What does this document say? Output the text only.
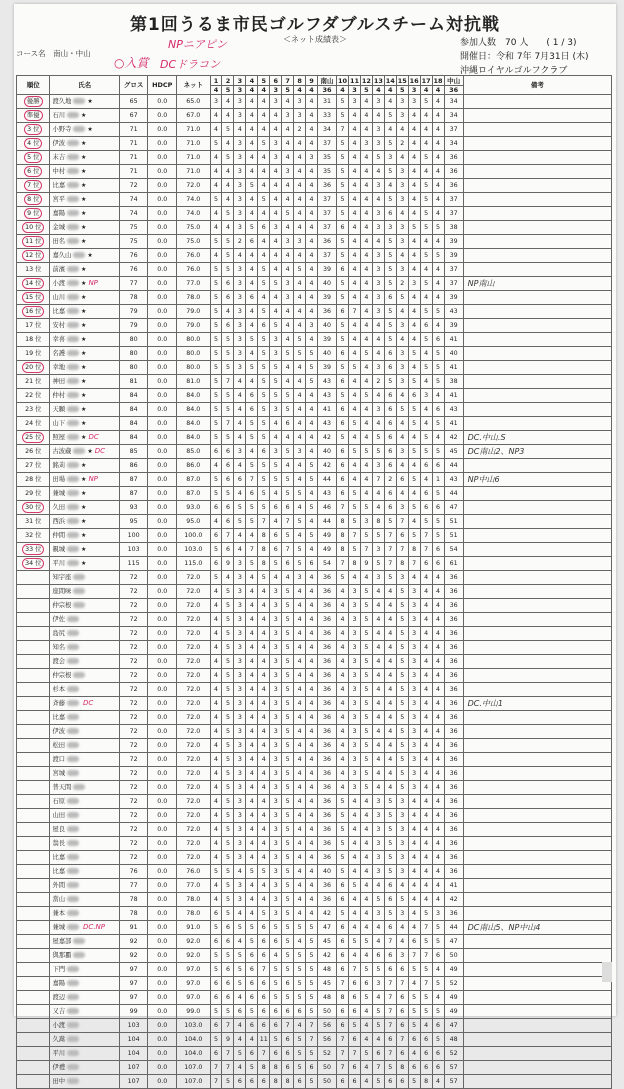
第1回うるま市民ゴルフダブルスチーム対抗戦
＜ネット成績表＞
コース名　南山・中山
参加人数　 70 人　　 ( 1 / 3)
開催日：令和 7年 7月31日 (木)
沖縄ロイヤルゴルフクラブ
NPニアピン
○入賞 DCドラコン
順位	氏名	グロス	HDCP	ネット	1	2	3	4	5	6	7	8	9	南山	10	11	12	13	14	15	16	17	18	中山	備考
					4	5	3	4	4	3	5	4	4	36	4	3	5	4	4	5	3	4	4	36	
優勝	渡久地 ★	65	0.0	65.0	3	4	3	4	4	3	4	3	4	31	5	3	4	3	4	3	3	5	4	34	
準優	石川 ★	67	0.0	67.0	4	4	3	4	4	4	3	3	4	33	5	4	4	4	5	3	4	4	4	34	
3 位	小野寺 ★	71	0.0	71.0	4	5	4	4	4	4	4	2	4	34	7	4	4	3	4	4	4	4	4	37	
4 位	伊波 ★	71	0.0	71.0	5	4	3	4	5	3	4	4	4	37	5	4	3	3	5	2	4	4	4	34	
5 位	末吉 ★	71	0.0	71.0	4	5	3	4	4	3	4	4	3	35	5	4	4	5	3	4	4	5	4	36	
6 位	中村 ★	71	0.0	71.0	4	4	3	4	4	4	3	4	4	35	5	4	4	4	5	3	4	4	4	36	
7 位	比嘉 ★	72	0.0	72.0	4	4	3	5	4	4	4	4	4	36	5	4	4	3	4	3	4	5	4	36	
8 位	宮平 ★	74	0.0	74.0	5	4	3	4	5	4	4	4	4	37	5	4	4	4	5	3	4	5	4	37	
9 位	嘉陽 ★	74	0.0	74.0	4	5	3	4	4	4	5	4	4	37	5	4	4	3	6	4	4	5	4	37	
10 位	金城 ★	75	0.0	75.0	4	4	3	5	6	3	4	4	4	37	6	4	4	3	3	3	5	5	5	38	
11 位	田名 ★	75	0.0	75.0	5	5	2	6	4	4	3	3	4	36	5	4	4	4	5	3	4	4	4	39	
12 位	嘉久山 ★	76	0.0	76.0	4	5	4	4	4	4	4	4	4	37	5	4	4	3	5	4	4	5	5	39	
13 位	前濱 ★	76	0.0	76.0	5	5	3	4	5	4	4	5	4	39	6	4	4	3	5	3	4	4	4	37	
14 位	小渡 ★ NP	77	0.0	77.0	5	6	3	4	5	5	3	4	4	40	5	4	4	3	5	2	3	5	4	37	NP南山
15 位	山川 ★	78	0.0	78.0	5	6	3	6	4	4	3	4	4	39	5	4	4	3	6	5	4	4	4	39	
16 位	比嘉 ★	79	0.0	79.0	5	4	3	4	5	4	4	4	4	36	6	7	4	3	5	4	4	5	5	43	
17 位	安村 ★	79	0.0	79.0	5	6	3	4	6	5	4	4	3	40	5	4	4	4	5	3	4	6	4	39	
18 位	幸喜 ★	80	0.0	80.0	5	5	3	5	5	3	4	5	4	39	5	4	4	4	5	4	4	5	6	41	
19 位	名護 ★	80	0.0	80.0	5	5	3	4	5	3	5	5	5	40	6	4	5	4	6	3	5	4	5	40	
20 位	幸地 ★	80	0.0	80.0	5	5	3	5	5	5	4	4	5	39	5	5	4	3	6	3	4	5	5	41	
21 位	神田 ★	81	0.0	81.0	5	7	4	4	5	5	4	4	5	43	6	4	4	2	5	3	5	4	5	38	
22 位	仲村 ★	84	0.0	84.0	5	5	4	6	5	5	5	4	4	43	5	4	5	4	6	4	6	3	4	41	
23 位	天願 ★	84	0.0	84.0	5	5	4	6	5	3	5	4	4	41	6	4	4	3	6	5	5	4	6	43	
24 位	山下 ★	84	0.0	84.0	5	7	4	5	5	4	6	4	4	43	6	5	4	4	6	4	5	4	5	41	
25 位	照屋 ★ DC	84	0.0	84.0	5	5	4	5	5	4	4	4	4	42	5	4	4	5	6	4	4	5	4	42	DC.中山.S
26 位	古波蔵 ★ DC	85	0.0	85.0	6	6	3	4	6	3	5	3	4	40	6	5	5	5	6	3	5	5	5	45	DC南山2、NP3
27 位	銘苅 ★	86	0.0	86.0	4	6	4	5	5	5	4	4	5	42	6	4	4	3	6	4	4	6	6	44	
28 位	田場 ★ NP	87	0.0	87.0	5	6	6	7	5	5	5	4	5	44	6	4	4	7	2	6	5	4	1	43	NP中山6
29 位	兼城 ★	87	0.0	87.0	5	5	4	6	5	4	5	5	4	43	6	5	4	4	6	4	4	6	5	44	
30 位	久田 ★	93	0.0	93.0	6	6	5	5	5	6	6	4	5	46	7	5	5	4	6	3	5	6	6	47	
31 位	西浜 ★	95	0.0	95.0	4	6	5	5	7	4	7	5	4	44	8	5	3	8	5	7	4	5	5	51	
32 位	仲間 ★	100	0.0	100.0	6	7	4	4	8	6	5	4	5	49	8	7	5	5	7	6	5	7	5	51	
33 位	親城 ★	103	0.0	103.0	5	6	4	7	8	6	7	5	4	49	8	5	7	3	7	7	8	7	6	54	
34 位	平川 ★	115	0.0	115.0	6	9	3	5	8	5	6	5	6	54	7	8	9	5	7	8	7	6	6	61	
	知宇座	72	0.0	72.0	5	4	3	4	5	4	4	3	4	36	5	4	4	3	5	3	4	4	4	36	
	座間味	72	0.0	72.0	4	5	3	4	4	3	5	4	4	36	4	3	5	4	4	5	3	4	4	36	
	仲宗根	72	0.0	72.0	4	5	3	4	4	3	5	4	4	36	4	3	5	4	4	5	3	4	4	36	
	伊佐	72	0.0	72.0	4	5	3	4	4	3	5	4	4	36	4	3	5	4	4	5	3	4	4	36	
	島尻	72	0.0	72.0	4	5	3	4	4	3	5	4	4	36	4	3	5	4	4	5	3	4	4	36	
	知名	72	0.0	72.0	4	5	3	4	4	3	5	4	4	36	4	3	5	4	4	5	3	4	4	36	
	渡会	72	0.0	72.0	4	5	3	4	4	3	5	4	4	36	4	3	5	4	4	5	3	4	4	36	
	仲宗根	72	0.0	72.0	4	5	3	4	4	3	5	4	4	36	4	3	5	4	4	5	3	4	4	36	
	杉本	72	0.0	72.0	4	5	3	4	4	3	5	4	4	36	4	3	5	4	4	5	3	4	4	36	
	斉藤 DC	72	0.0	72.0	4	5	3	4	4	3	5	4	4	36	4	3	5	4	4	5	3	4	4	36	DC.中山1
	比嘉	72	0.0	72.0	4	5	3	4	4	3	5	4	4	36	4	3	5	4	4	5	3	4	4	36	
	伊波	72	0.0	72.0	4	5	3	4	4	3	5	4	4	36	4	3	5	4	4	5	3	4	4	36	
	松田	72	0.0	72.0	4	5	3	4	4	3	5	4	4	36	4	3	5	4	4	5	3	4	4	36	
	渡口	72	0.0	72.0	4	5	3	4	4	3	5	4	4	36	4	3	5	4	4	5	3	4	4	36	
	宮城	72	0.0	72.0	4	5	3	4	4	3	5	4	4	36	4	3	5	4	4	5	3	4	4	36	
	普天間	72	0.0	72.0	4	5	3	4	4	3	5	4	4	36	4	3	5	4	4	5	3	4	4	36	
	石原	72	0.0	72.0	4	5	3	4	4	3	5	4	4	36	5	4	4	3	5	3	4	4	4	36	
	山田	72	0.0	72.0	4	5	3	4	4	3	5	4	4	36	5	4	4	3	5	3	4	4	4	36	
	屋良	72	0.0	72.0	4	5	3	4	4	3	5	4	4	36	5	4	4	3	5	3	4	4	4	36	
	翁長	72	0.0	72.0	4	5	3	4	4	3	5	4	4	36	5	4	4	3	5	3	4	4	4	36	
	比嘉	72	0.0	72.0	4	5	3	4	4	3	5	4	4	36	5	4	4	3	5	3	4	4	4	36	
	比嘉	76	0.0	76.0	5	5	4	5	5	3	5	4	4	40	5	4	4	3	5	3	4	4	4	36	
	外間	77	0.0	77.0	4	5	3	4	4	3	5	4	4	36	6	5	4	4	6	4	4	4	4	41	
	當山	78	0.0	78.0	4	5	3	4	4	3	5	4	4	36	6	4	4	5	6	5	4	4	4	42	
	兼本	78	0.0	78.0	6	5	4	4	5	3	5	4	4	42	5	4	4	3	5	3	4	5	3	36	
	兼城 DC.NP	91	0.0	91.0	5	6	5	5	6	5	5	5	5	47	6	4	4	4	6	4	4	7	5	44	DC南山5、NP中山4
	屋嘉部	92	0.0	92.0	6	6	4	5	6	6	5	4	5	45	6	5	5	4	7	4	6	5	5	47	
	與那覇	92	0.0	92.0	5	5	5	6	6	4	5	5	5	42	6	4	4	6	6	3	7	7	6	50	
	下門	97	0.0	97.0	5	6	5	6	7	5	5	5	5	48	6	7	5	5	6	6	5	5	4	49	
	嘉陽	97	0.0	97.0	6	6	5	6	6	5	6	5	5	45	7	6	6	3	7	7	4	7	5	52	
	渡辺	97	0.0	97.0	6	6	4	6	6	5	5	5	5	48	8	6	5	4	7	6	5	5	4	49	
	又吉	99	0.0	99.0	5	5	6	5	6	6	6	6	5	50	6	6	4	5	7	6	5	5	5	49	
	小渡	103	0.0	103.0	6	7	4	6	6	6	7	4	7	56	6	5	4	5	7	6	5	4	6	47	
	久嵩	104	0.0	104.0	5	9	4	4	11	5	6	5	7	56	7	6	4	4	6	7	6	6	5	48	
	平川	104	0.0	104.0	6	7	5	6	7	6	6	5	5	52	7	7	5	6	7	6	4	6	6	52	
	伊禮	107	0.0	107.0	7	7	4	5	8	8	6	5	6	50	7	6	4	7	5	8	6	6	6	57	
	田中	107	0.0	107.0	7	5	6	6	6	8	8	6	5	50	6	6	4	5	6	6	5	8	4	57	
